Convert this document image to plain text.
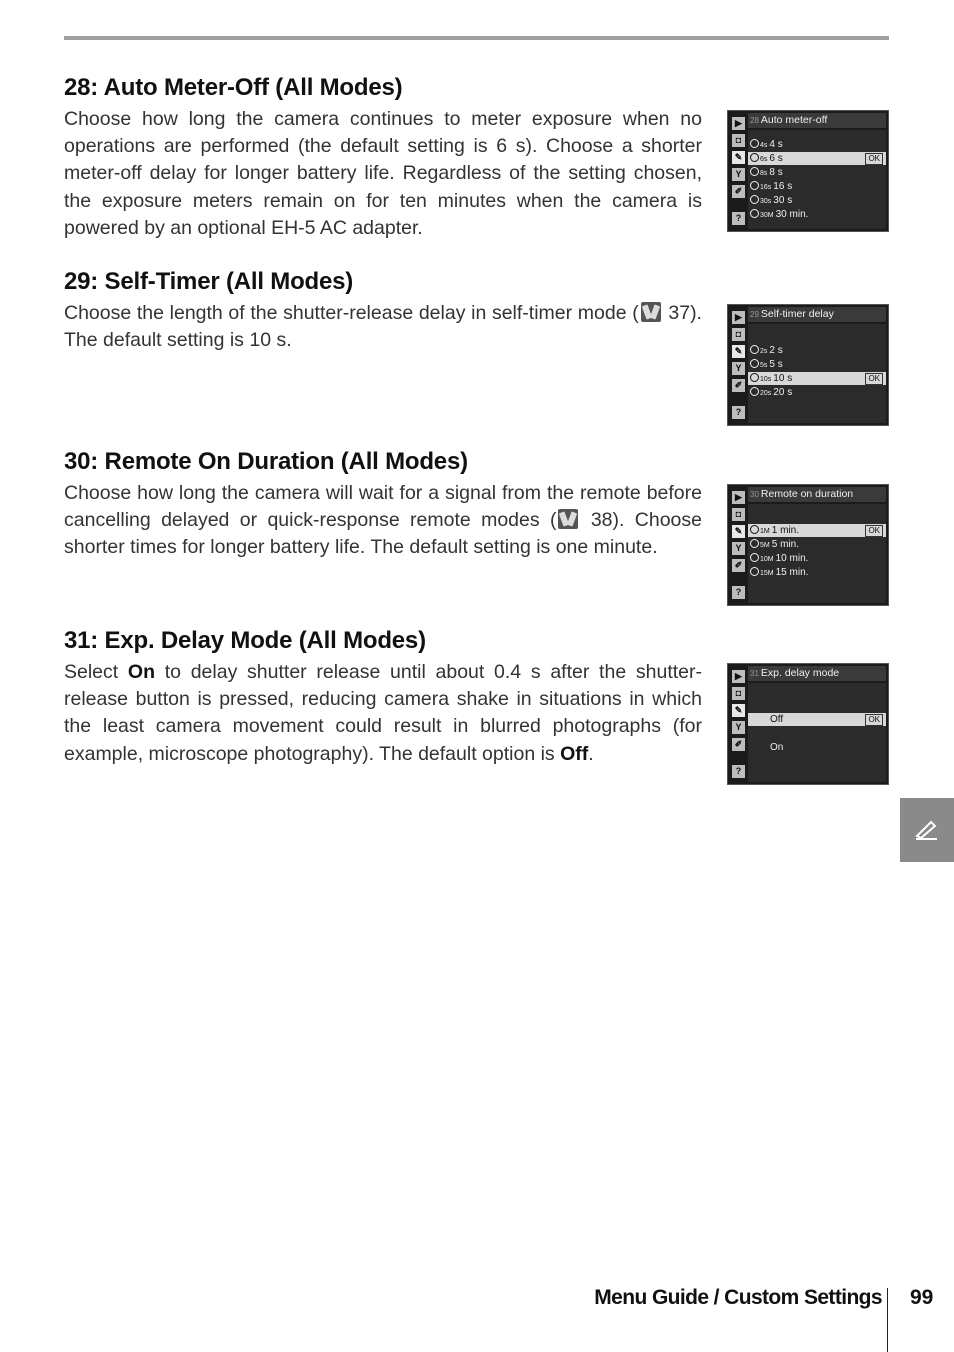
28: Auto Meter-Off (All Modes)

Choose how long the camera continues to meter exposure when no operations are performed (the default setting is 6 s). Choose a shorter meter-off delay for longer battery life. Regardless of the setting chosen, the exposure meters remain on for ten minutes when the camera is powered by an optional EH-5 AC adapter.

29: Self-Timer (All Modes)

Choose the length of the shutter-release delay in self-timer mode ( 37). The default setting is 10 s.

30: Remote On Duration (All Modes)

Choose how long the camera will wait for a signal from the remote before cancelling delayed or quick-response remote modes ( 38). Choose shorter times for longer battery life. The default setting is one minute.

31: Exp. Delay Mode (All Modes)

Select On to delay shutter release until about 0.4 s after the shutter-release button is pressed, reducing camera shake in situations in which the least camera movement could result in blurred photographs (for example, microscope photography). The default option is Off.

▶
◘
✎
Y
✐
?
28 Auto meter-off
4s 4 s
6s 6 s	OK
8s 8 s
16s 16 s
30s 30 s
30M 30 min.
▶
◘
✎
Y
✐
?
29 Self-timer delay
2s 2 s
5s 5 s
10s 10 s	OK
20s 20 s
▶
◘
✎
Y
✐
?
30 Remote on duration
1M 1 min.	OK
5M 5 min.
10M 10 min.
15M 15 min.
▶
◘
✎
Y
✐
?
31 Exp. delay mode
Off	OK
On
Menu Guide / Custom Settings 99
